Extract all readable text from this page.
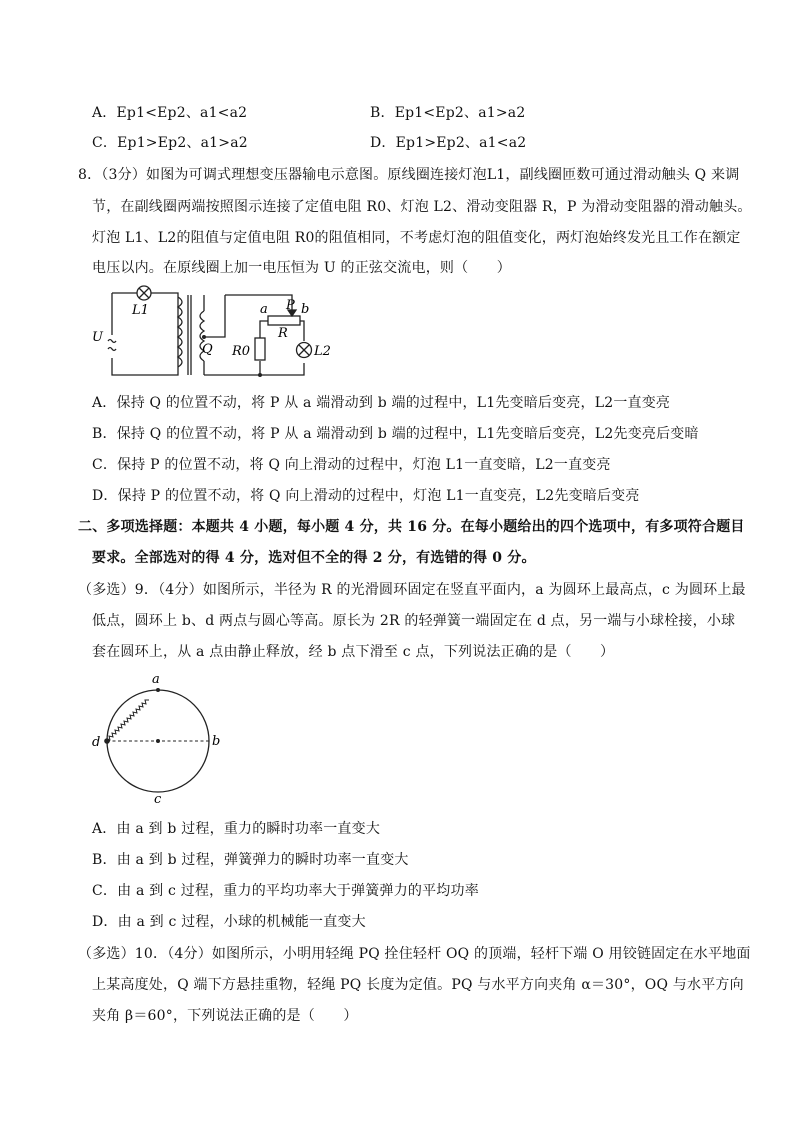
A．Ep1<Ep2、a1<a2	B．Ep1<Ep2、a1>a2
C．Ep1>Ep2、a1>a2	D．Ep1>Ep2、a1<a2
8．（3分）如图为可调式理想变压器输电示意图。原线圈连接灯泡L1，副线圈匝数可通过滑动触头 Q 来调
节，在副线圈两端按照图示连接了定值电阻 R0、灯泡 L2、滑动变阻器 R，P 为滑动变阻器的滑动触头。
灯泡 L1、L2的阻值与定值电阻 R0的阻值相同，不考虑灯泡的阻值变化，两灯泡始终发光且工作在额定
电压以内。在原线圈上加一电压恒为 U 的正弦交流电，则（　　）
L1
U
Q
a P b
R
R0	L2
A．保持 Q 的位置不动，将 P 从 a 端滑动到 b 端的过程中，L1先变暗后变亮，L2一直变亮
B．保持 Q 的位置不动，将 P 从 a 端滑动到 b 端的过程中，L1先变暗后变亮，L2先变亮后变暗
C．保持 P 的位置不动，将 Q 向上滑动的过程中，灯泡 L1一直变暗，L2一直变亮
D．保持 P 的位置不动，将 Q 向上滑动的过程中，灯泡 L1一直变亮，L2先变暗后变亮
二、多项选择题：本题共 4 小题，每小题 4 分，共 16 分。在每小题给出的四个选项中，有多项符合题目
要求。全部选对的得 4 分，选对但不全的得 2 分，有选错的得 0 分。
（多选）9．（4分）如图所示，半径为 R 的光滑圆环固定在竖直平面内，a 为圆环上最高点，c 为圆环上最
低点，圆环上 b、d 两点与圆心等高。原长为 2R 的轻弹簧一端固定在 d 点，另一端与小球栓接，小球
套在圆环上，从 a 点由静止释放，经 b 点下滑至 c 点，下列说法正确的是（　　）
a
b
c
d
A．由 a 到 b 过程，重力的瞬时功率一直变大
B．由 a 到 b 过程，弹簧弹力的瞬时功率一直变大
C．由 a 到 c 过程，重力的平均功率大于弹簧弹力的平均功率
D．由 a 到 c 过程，小球的机械能一直变大
（多选）10．（4分）如图所示，小明用轻绳 PQ 拴住轻杆 OQ 的顶端，轻杆下端 O 用铰链固定在水平地面
上某高度处，Q 端下方悬挂重物，轻绳 PQ 长度为定值。PQ 与水平方向夹角 α＝30°，OQ 与水平方向
夹角 β＝60°，下列说法正确的是（　　）
